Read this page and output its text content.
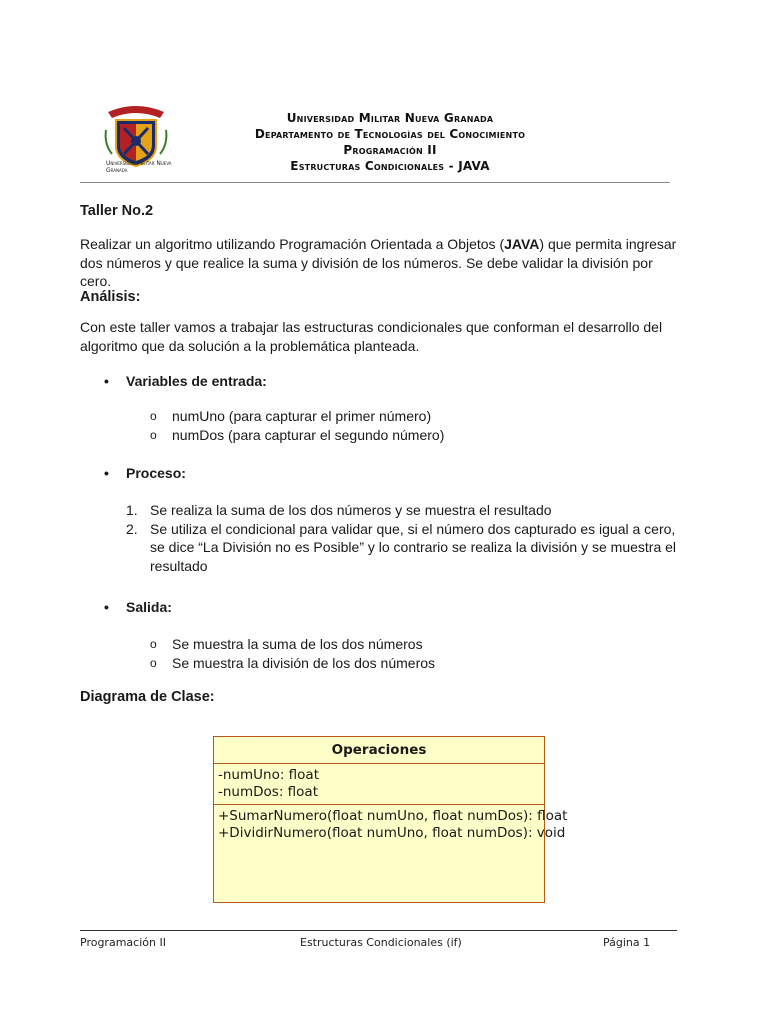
Universidad Militar Nueva Granada
Departamento de Tecnologías del Conocimiento
Programación II
Estructuras Condicionales - JAVA
Universidad Militar Nueva Granada
Taller No.2

Realizar un algoritmo utilizando Programación Orientada a Objetos (JAVA) que permita ingresar dos números y que realice la suma y división de los números. Se debe validar la división por cero.

Análisis:

Con este taller vamos a trabajar las estructuras condicionales que conforman el desarrollo del algoritmo que da solución a la problemática planteada.

•	Variables de entrada:
o numUno (para capturar el primer número)
o numDos (para capturar el segundo número)
•	Proceso:
1. Se realiza la suma de los dos números y se muestra el resultado
2. Se utiliza el condicional para validar que, si el número dos capturado es igual a cero, se dice “La División no es Posible” y lo contrario se realiza la división y se muestra el resultado
•	Salida:
o Se muestra la suma de los dos números
o Se muestra la división de los dos números
Diagrama de Clase:
Operaciones
-numUno: float
-numDos: float
+SumarNumero(float numUno, float numDos): float
+DividirNumero(float numUno, float numDos): void
Programación II	Estructuras Condicionales (if)	Página 1
